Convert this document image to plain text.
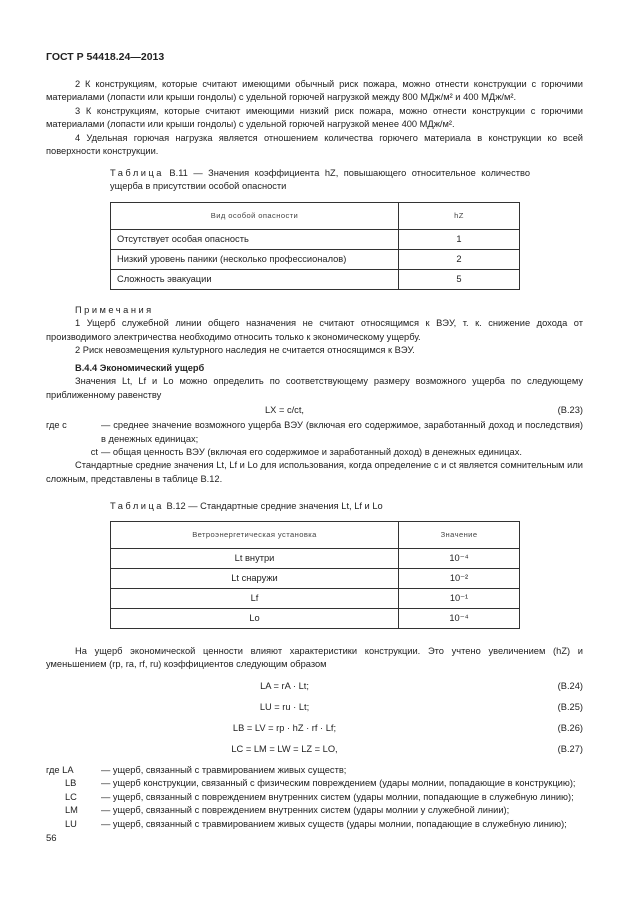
ГОСТ Р 54418.24—2013

2 К конструкциям, которые считают имеющими обычный риск пожара, можно отнести конструкции с горючими материалами (лопасти или крыши гондолы) с удельной горючей нагрузкой между 800 МДж/м² и 400 МДж/м².

3 К конструкциям, которые считают имеющими низкий риск пожара, можно отнести конструкции с горючими материалами (лопасти или крыши гондолы) с удельной горючей нагрузкой менее 400 МДж/м².

4 Удельная горючая нагрузка является отношением количества горючего материала в конструкции ко всей поверхности конструкции.

Таблица В.11 — Значения коэффициента hZ, повышающего относительное количество ущерба в присутствии особой опасности

Вид особой опасности	hZ
Отсутствует особая опасность	1
Низкий уровень паники (несколько профессионалов)	2
Сложность эвакуации	5

Примечания

1 Ущерб служебной линии общего назначения не считают относящимся к ВЭУ, т. к. снижение дохода от производимого электричества необходимо относить только к экономическому ущербу.

2 Риск невозмещения культурного наследия не считается относящимся к ВЭУ.

В.4.4 Экономический ущерб

Значения Lt, Lf и Lo можно определить по соответствующему размеру возможного ущерба по следующему приближенному равенству

LX = c/ct,	(В.23)
где c	— среднее значение возможного ущерба ВЭУ (включая его содержимое, заработанный доход и последствия) в денежных единицах;
ct — общая ценность ВЭУ (включая его содержимое и заработанный доход) в денежных единицах.

Стандартные средние значения Lt, Lf и Lo для использования, когда определение c и ct является сомнительным или сложным, представлены в таблице В.12.

Таблица В.12 — Стандартные средние значения Lt, Lf и Lo

Ветроэнергетическая установка	Значение
Lt внутри	10⁻⁴
Lt снаружи	10⁻²
Lf	10⁻¹
Lo	10⁻⁴

На ущерб экономической ценности влияют характеристики конструкции. Это учтено увеличением (hZ) и уменьшением (rp, ra, rf, ru) коэффициентов следующим образом

LA = rA · Lt;	(В.24)
LU = ru · Lt;	(В.25)
LB = LV = rp · hZ · rf · Lf;	(В.26)
LC = LM = LW = LZ = LO,	(В.27)
где LA	— ущерб, связанный с травмированием живых существ;
LB	— ущерб конструкции, связанный с физическим повреждением (удары молнии, попадающие в конструкцию);
LC	— ущерб, связанный с повреждением внутренних систем (удары молнии, попадающие в служебную линию);
LM	— ущерб, связанный с повреждением внутренних систем (удары молнии у служебной линии);
LU	— ущерб, связанный с травмированием живых существ (удары молнии, попадающие в служебную линию);
56
